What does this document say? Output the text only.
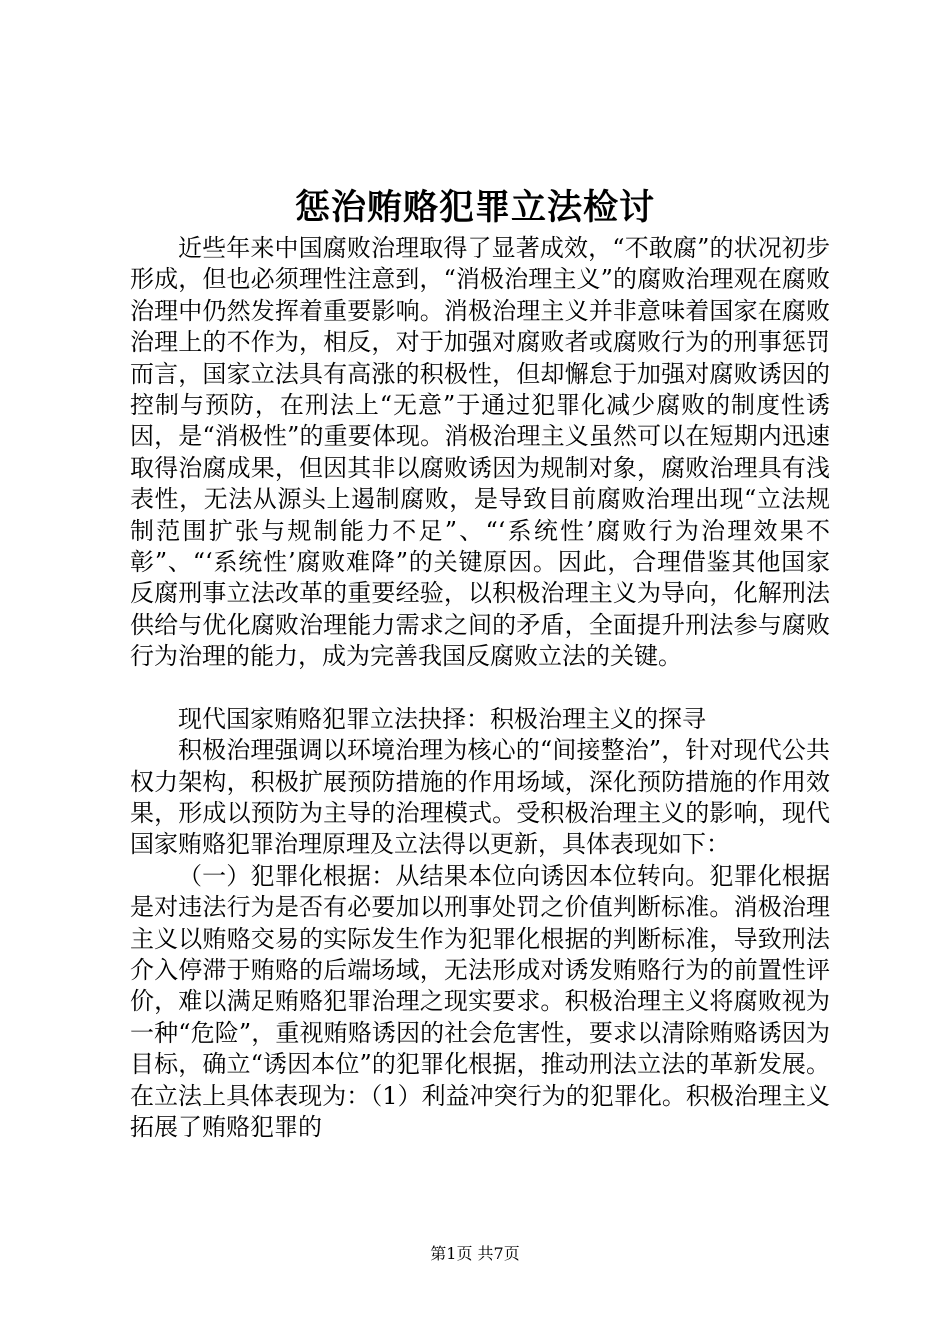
惩治贿赂犯罪立法检讨

近些年来中国腐败治理取得了显著成效，“不敢腐”的状况初步形成，但也必须理性注意到，“消极治理主义”的腐败治理观在腐败治理中仍然发挥着重要影响。消极治理主义并非意味着国家在腐败治理上的不作为，相反，对于加强对腐败者或腐败行为的刑事惩罚而言，国家立法具有高涨的积极性，但却懈怠于加强对腐败诱因的控制与预防，在刑法上“无意”于通过犯罪化减少腐败的制度性诱因，是“消极性”的重要体现。消极治理主义虽然可以在短期内迅速取得治腐成果，但因其非以腐败诱因为规制对象，腐败治理具有浅表性，无法从源头上遏制腐败，是导致目前腐败治理出现“立法规制范围扩张与规制能力不足”、“‘系统性’腐败行为治理效果不彰”、“‘系统性’腐败难降”的关键原因。因此，合理借鉴其他国家反腐刑事立法改革的重要经验，以积极治理主义为导向，化解刑法供给与优化腐败治理能力需求之间的矛盾，全面提升刑法参与腐败行为治理的能力，成为完善我国反腐败立法的关键。

现代国家贿赂犯罪立法抉择：积极治理主义的探寻

积极治理强调以环境治理为核心的“间接整治”，针对现代公共权力架构，积极扩展预防措施的作用场域，深化预防措施的作用效果，形成以预防为主导的治理模式。受积极治理主义的影响，现代国家贿赂犯罪治理原理及立法得以更新，具体表现如下：

（一）犯罪化根据：从结果本位向诱因本位转向。犯罪化根据是对违法行为是否有必要加以刑事处罚之价值判断标准。消极治理主义以贿赂交易的实际发生作为犯罪化根据的判断标准，导致刑法介入停滞于贿赂的后端场域，无法形成对诱发贿赂行为的前置性评价，难以满足贿赂犯罪治理之现实要求。积极治理主义将腐败视为一种“危险”，重视贿赂诱因的社会危害性，要求以清除贿赂诱因为目标，确立“诱因本位”的犯罪化根据，推动刑法立法的革新发展。在立法上具体表现为：（1）利益冲突行为的犯罪化。积极治理主义拓展了贿赂犯罪的

第1页 共7页
